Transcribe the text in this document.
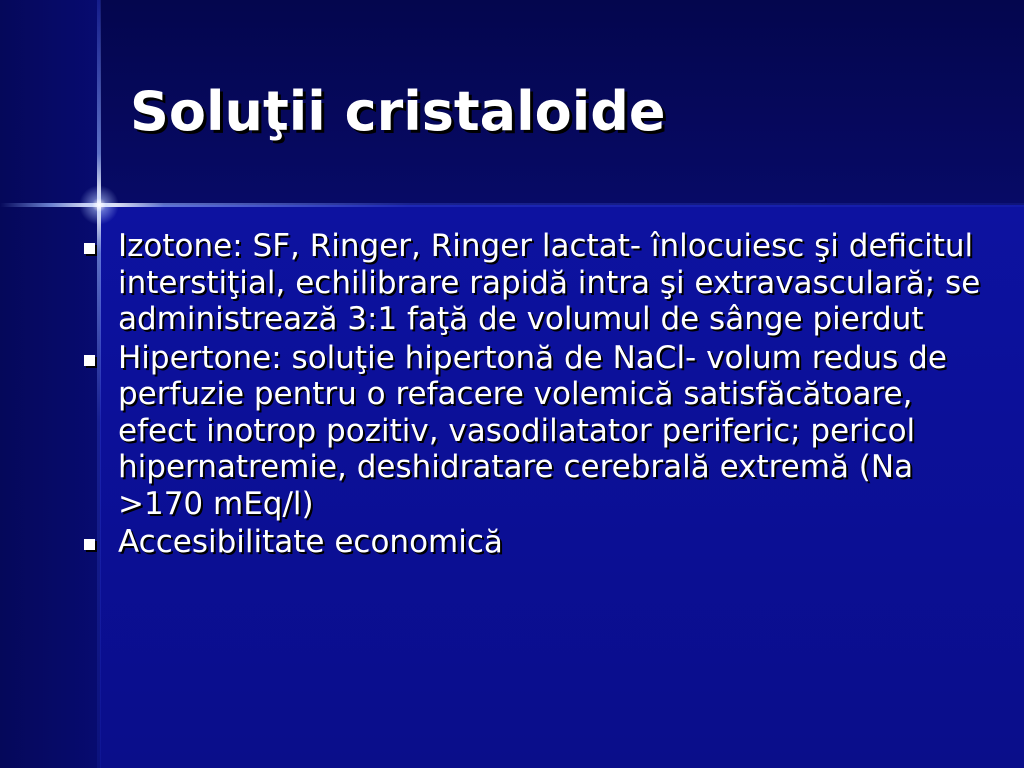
Soluţii cristaloide
Izotone: SF, Ringer, Ringer lactat- înlocuiesc şi deficitul interstiţial, echilibrare rapidă intra şi extravasculară; se administrează 3:1 faţă de volumul de sânge pierdut
Hipertone: soluţie hipertonă de NaCl- volum redus de perfuzie pentru o refacere volemică satisfăcătoare, efect inotrop pozitiv, vasodilatator periferic; pericol hipernatremie, deshidratare cerebrală extremă (Na >170 mEq/l)
Accesibilitate economică
